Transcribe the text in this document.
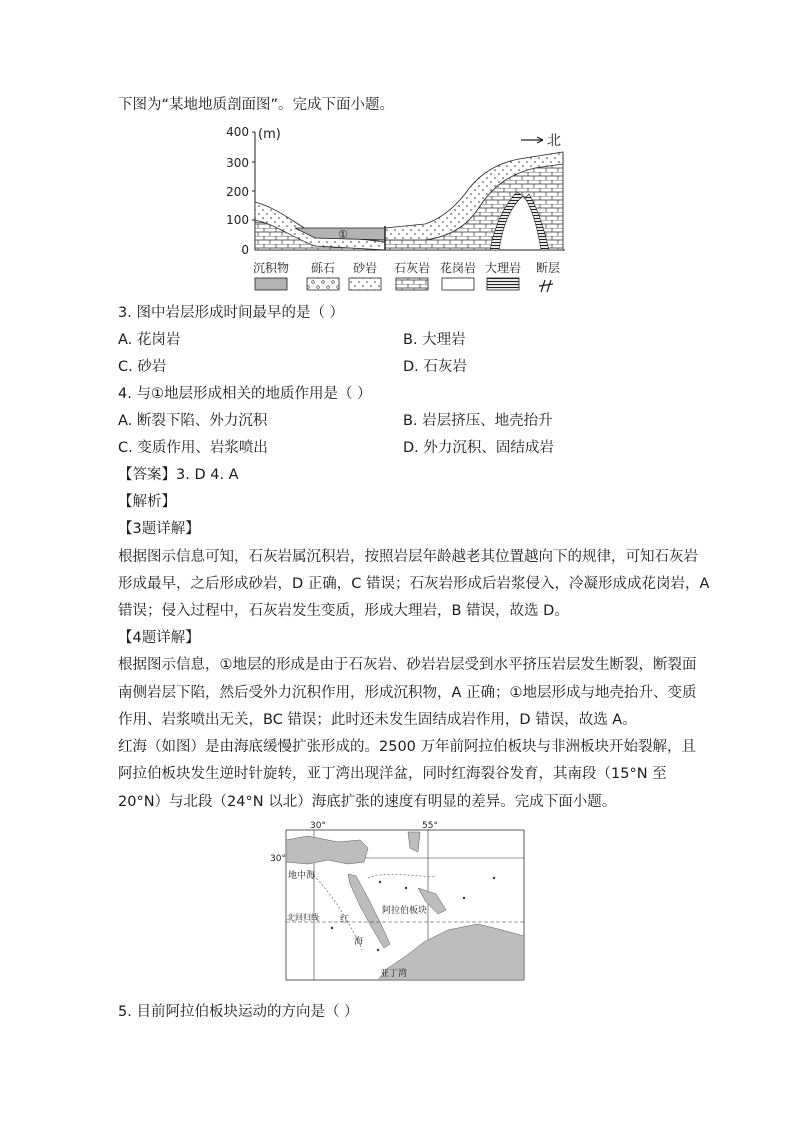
下图为“某地地质剖面图”。完成下面小题。
400
300
200
100
0
(m)	北
①
沉积物 砾石 砂岩 石灰岩 花岗岩 大理岩 断层
3. 图中岩层形成时间最早的是（ ）
A. 花岗岩	B. 大理岩
C. 砂岩	D. 石灰岩
4. 与①地层形成相关的地质作用是（ ）
A. 断裂下陷、外力沉积	B. 岩层挤压、地壳抬升
C. 变质作用、岩浆喷出	D. 外力沉积、固结成岩
【答案】3. D 4. A
【解析】
【3题详解】
根据图示信息可知，石灰岩属沉积岩，按照岩层年龄越老其位置越向下的规律，可知石灰岩
形成最早，之后形成砂岩，D 正确，C 错误；石灰岩形成后岩浆侵入，冷凝形成成花岗岩，A
错误；侵入过程中，石灰岩发生变质，形成大理岩，B 错误，故选 D。
【4题详解】
根据图示信息，①地层的形成是由于石灰岩、砂岩岩层受到水平挤压岩层发生断裂，断裂面
南侧岩层下陷，然后受外力沉积作用，形成沉积物，A 正确；①地层形成与地壳抬升、变质
作用、岩浆喷出无关，BC 错误；此时还未发生固结成岩作用，D 错误，故选 A。
红海（如图）是由海底缓慢扩张形成的。2500 万年前阿拉伯板块与非洲板块开始裂解，且
阿拉伯板块发生逆时针旋转，亚丁湾出现洋盆，同时红海裂谷发育，其南段（15°N 至
20°N）与北段（24°N 以北）海底扩张的速度有明显的差异。完成下面小题。
30°	55°
30°
地中海
北回归线
阿拉伯板块
红
海
亚丁湾
5. 目前阿拉伯板块运动的方向是（ ）
